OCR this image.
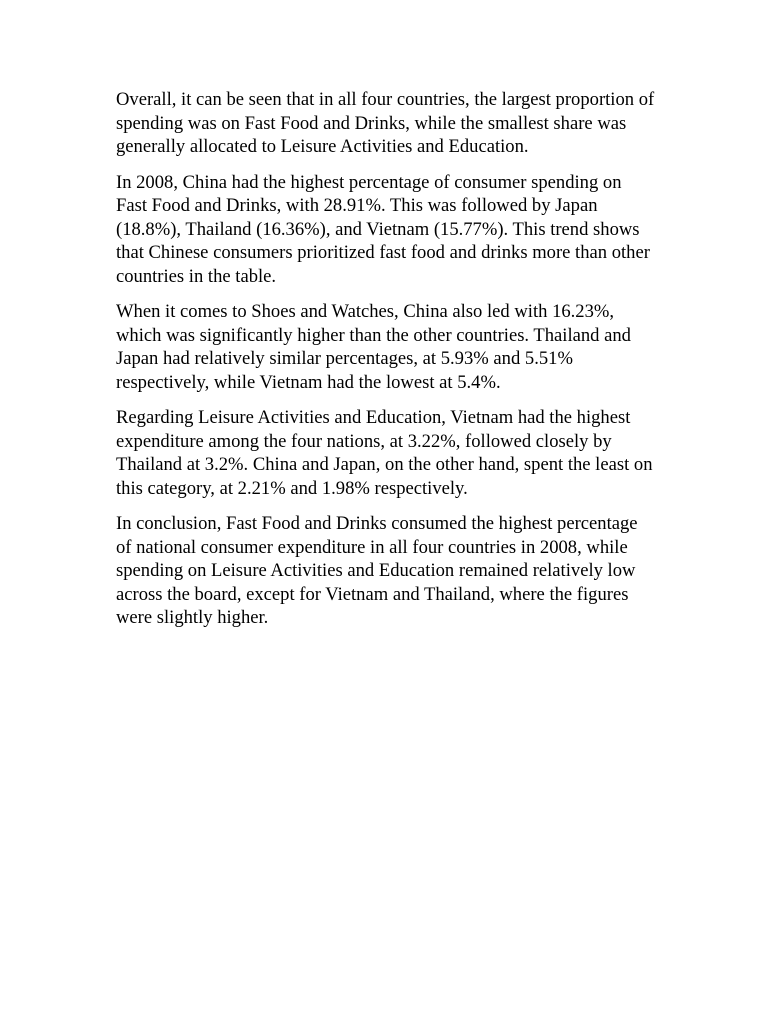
Overall, it can be seen that in all four countries, the largest proportion of spending was on Fast Food and Drinks, while the smallest share was generally allocated to Leisure Activities and Education.

In 2008, China had the highest percentage of consumer spending on Fast Food and Drinks, with 28.91%. This was followed by Japan (18.8%), Thailand (16.36%), and Vietnam (15.77%). This trend shows that Chinese consumers prioritized fast food and drinks more than other countries in the table.

When it comes to Shoes and Watches, China also led with 16.23%, which was significantly higher than the other countries. Thailand and Japan had relatively similar percentages, at 5.93% and 5.51% respectively, while Vietnam had the lowest at 5.4%.

Regarding Leisure Activities and Education, Vietnam had the highest expenditure among the four nations, at 3.22%, followed closely by Thailand at 3.2%. China and Japan, on the other hand, spent the least on this category, at 2.21% and 1.98% respectively.

In conclusion, Fast Food and Drinks consumed the highest percentage of national consumer expenditure in all four countries in 2008, while spending on Leisure Activities and Education remained relatively low across the board, except for Vietnam and Thailand, where the figures were slightly higher.
